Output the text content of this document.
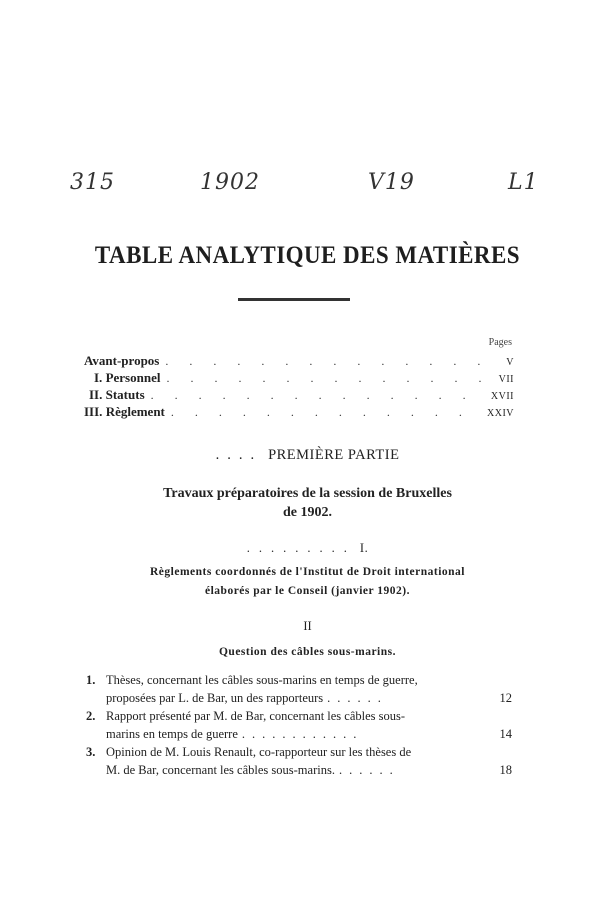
315	1902	V19	L1
TABLE ANALYTIQUE DES MATIÈRES
Pages
Avant-propos . . .	V
I. Personnel . . .	VII
II. Statuts . . .	XVII
III. Règlement . . .	XXIV
.... PREMIÈRE PARTIE
Travaux préparatoires de la session de Bruxelles
de 1902.
......... I.
Règlements coordonnés de l'Institut de Droit international
élaborés par le Conseil (janvier 1902).
II
Question des câbles sous-marins.
1. Thèses, concernant les câbles sous-marins en temps de guerre,
proposées par L. de Bar, un des rapporteurs ......	12
2. Rapport présenté par M. de Bar, concernant les câbles sous-
marins en temps de guerre ............	14
3. Opinion de M. Louis Renault, co-rapporteur sur les thèses de
M. de Bar, concernant les câbles sous-marins. ......	18
